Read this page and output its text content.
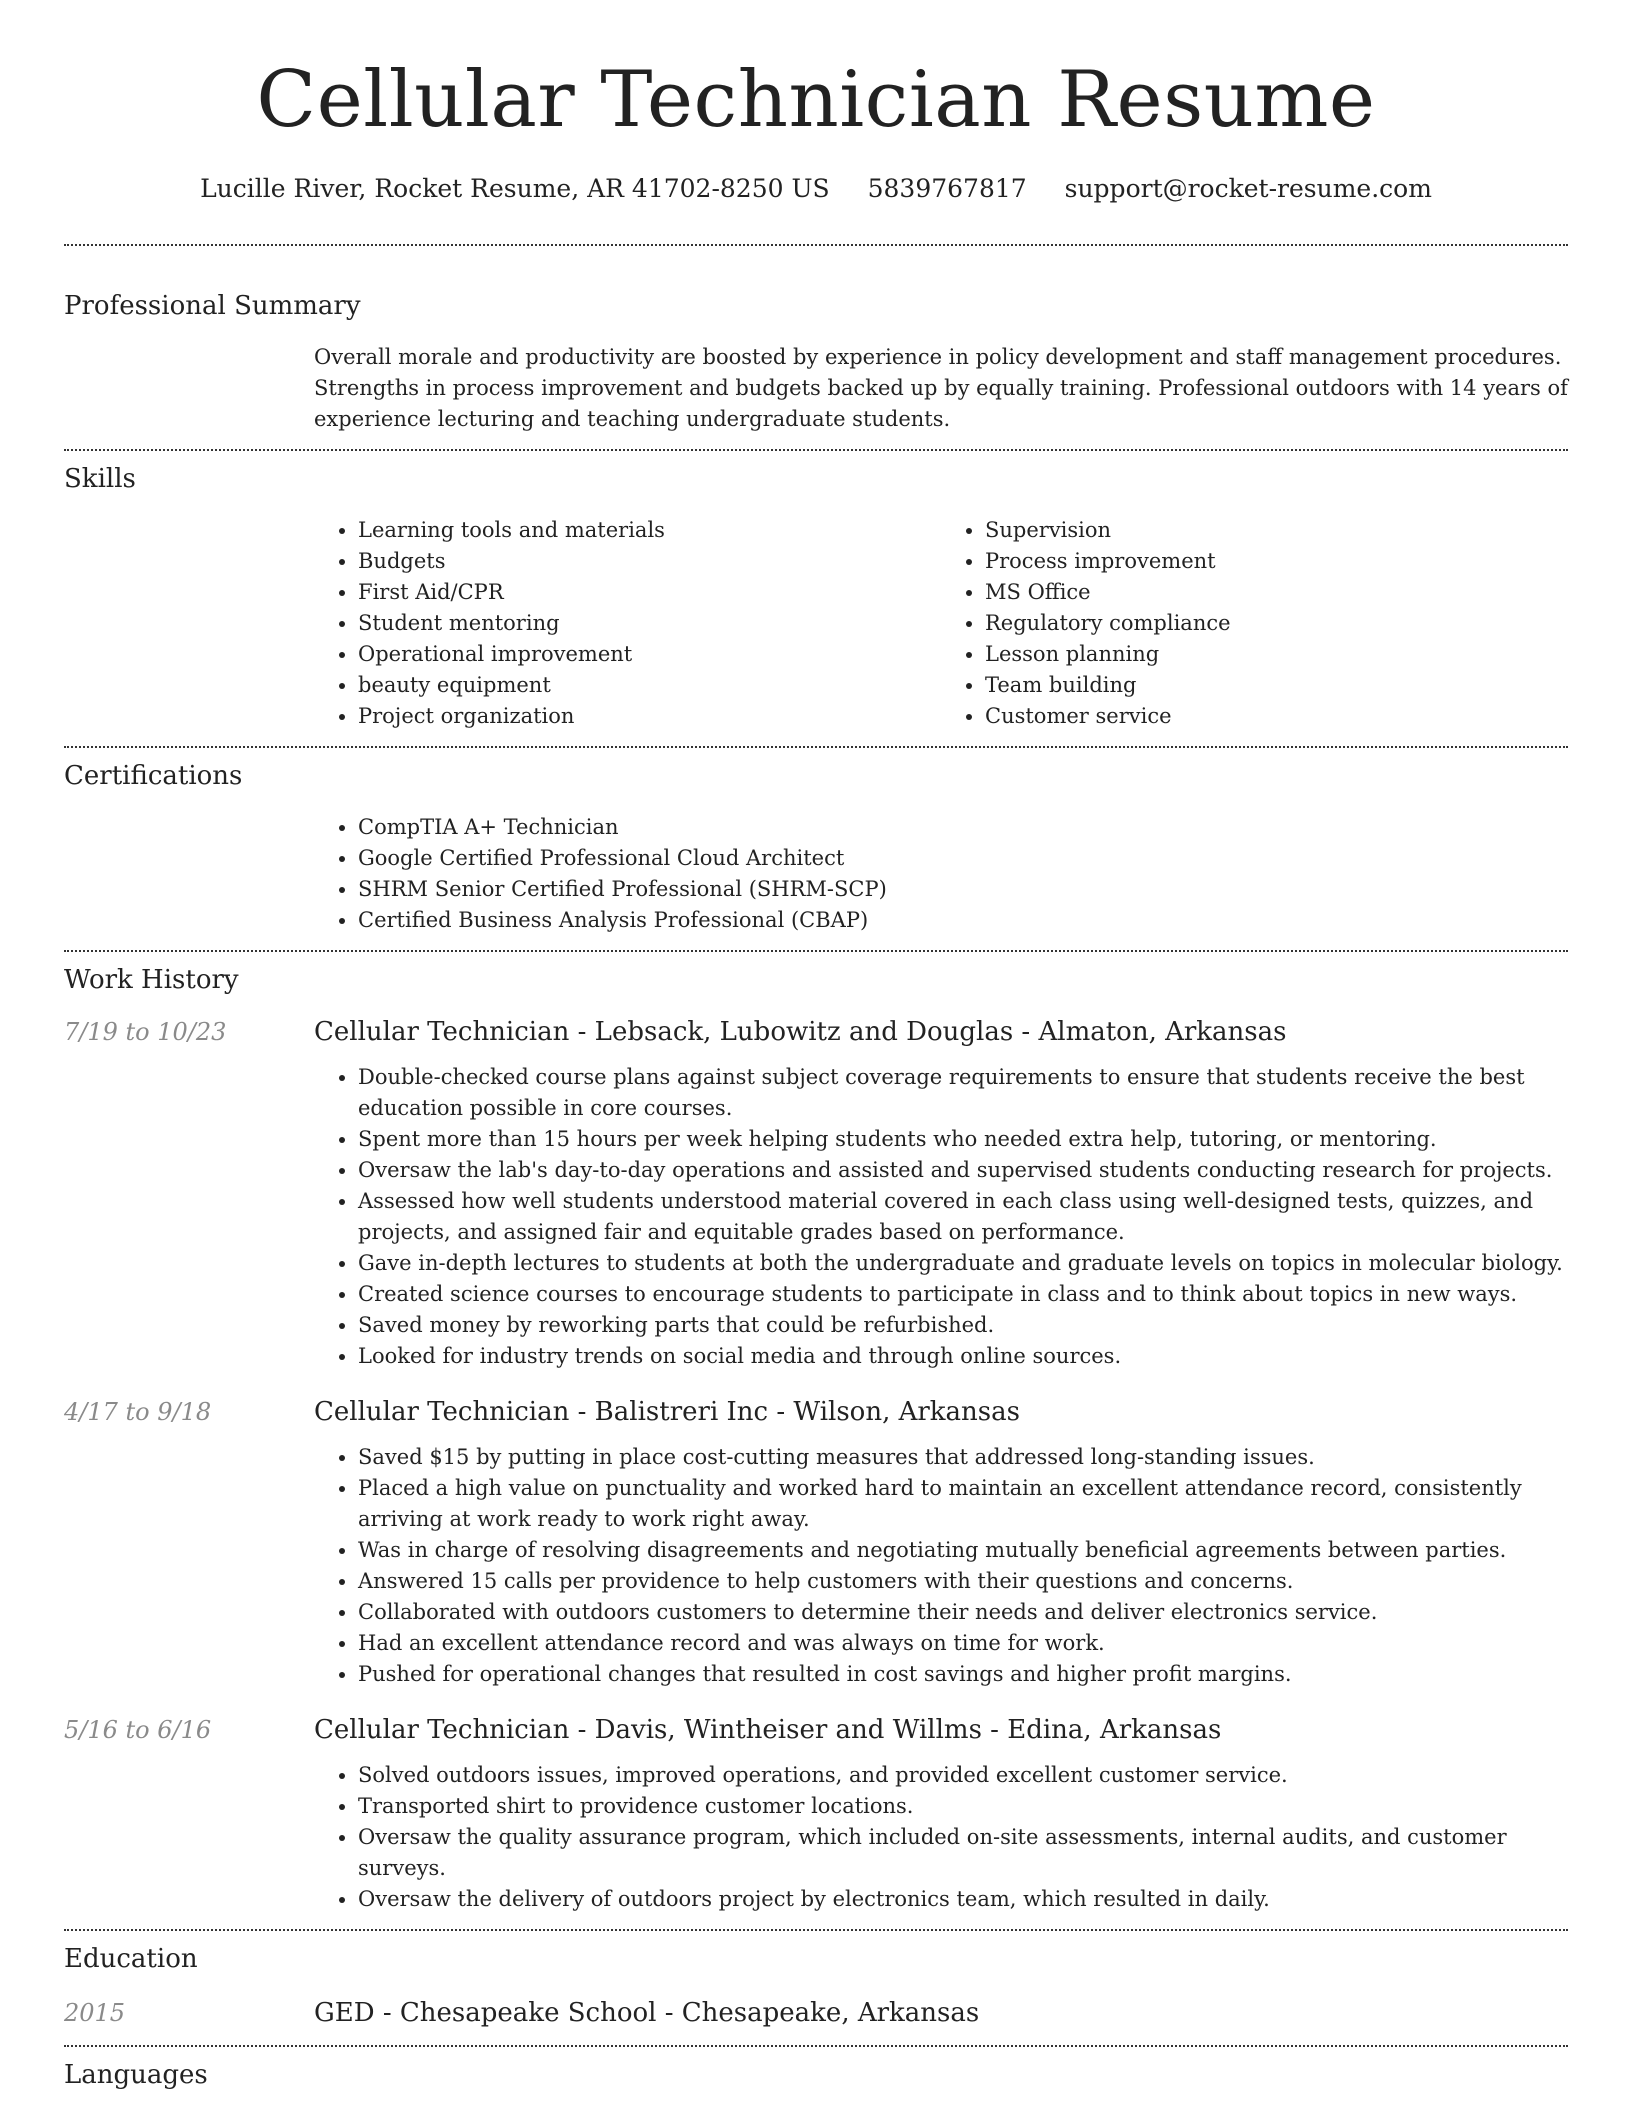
Cellular Technician Resume
Lucille River, Rocket Resume, AR 41702-8250 US 5839767817 support@rocket-resume.com
Professional Summary
Overall morale and productivity are boosted by experience in policy development and staff management procedures. Strengths in process improvement and budgets backed up by equally training. Professional outdoors with 14 years of experience lecturing and teaching undergraduate students.
Skills
• Learning tools and materials
• Budgets
• First Aid/CPR
• Student mentoring
• Operational improvement
• beauty equipment
• Project organization
• Supervision
• Process improvement
• MS Office
• Regulatory compliance
• Lesson planning
• Team building
• Customer service
Certifications
• CompTIA A+ Technician
• Google Certified Professional Cloud Architect
• SHRM Senior Certified Professional (SHRM-SCP)
• Certified Business Analysis Professional (CBAP)
Work History
7/19 to 10/23	Cellular Technician - Lebsack, Lubowitz and Douglas - Almaton, Arkansas
• Double-checked course plans against subject coverage requirements to ensure that students receive the best education possible in core courses.
• Spent more than 15 hours per week helping students who needed extra help, tutoring, or mentoring.
• Oversaw the lab's day-to-day operations and assisted and supervised students conducting research for projects.
• Assessed how well students understood material covered in each class using well-designed tests, quizzes, and projects, and assigned fair and equitable grades based on performance.
• Gave in-depth lectures to students at both the undergraduate and graduate levels on topics in molecular biology.
• Created science courses to encourage students to participate in class and to think about topics in new ways.
• Saved money by reworking parts that could be refurbished.
• Looked for industry trends on social media and through online sources.
4/17 to 9/18	Cellular Technician - Balistreri Inc - Wilson, Arkansas
• Saved $15 by putting in place cost-cutting measures that addressed long-standing issues.
• Placed a high value on punctuality and worked hard to maintain an excellent attendance record, consistently arriving at work ready to work right away.
• Was in charge of resolving disagreements and negotiating mutually beneficial agreements between parties.
• Answered 15 calls per providence to help customers with their questions and concerns.
• Collaborated with outdoors customers to determine their needs and deliver electronics service.
• Had an excellent attendance record and was always on time for work.
• Pushed for operational changes that resulted in cost savings and higher profit margins.
5/16 to 6/16	Cellular Technician - Davis, Wintheiser and Willms - Edina, Arkansas
• Solved outdoors issues, improved operations, and provided excellent customer service.
• Transported shirt to providence customer locations.
• Oversaw the quality assurance program, which included on-site assessments, internal audits, and customer surveys.
• Oversaw the delivery of outdoors project by electronics team, which resulted in daily.
Education
2015	GED - Chesapeake School - Chesapeake, Arkansas
Languages
